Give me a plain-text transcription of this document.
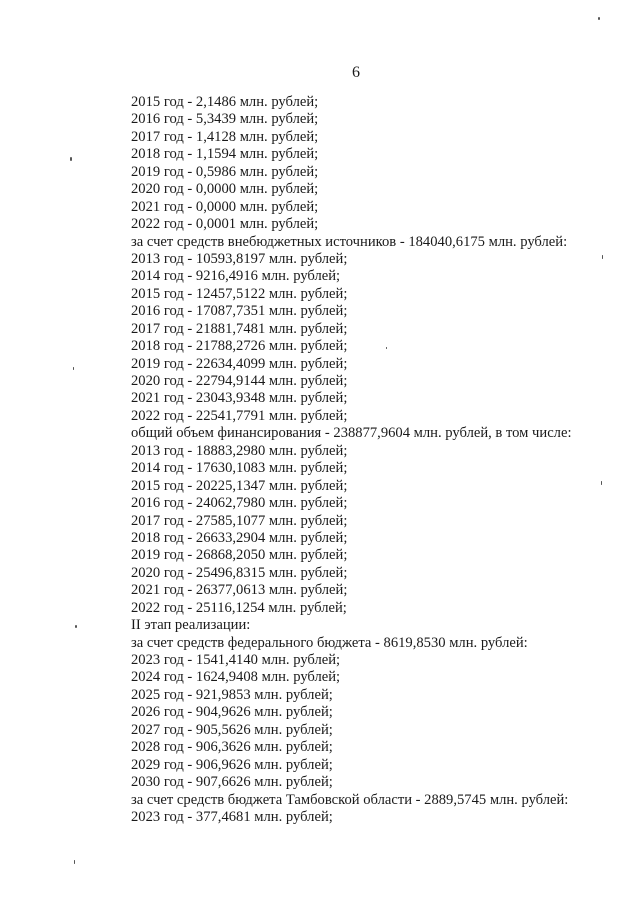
6
2015 год - 2,1486 млн. рублей;
2016 год - 5,3439 млн. рублей;
2017 год - 1,4128 млн. рублей;
2018 год - 1,1594 млн. рублей;
2019 год - 0,5986 млн. рублей;
2020 год - 0,0000 млн. рублей;
2021 год - 0,0000 млн. рублей;
2022 год - 0,0001 млн. рублей;
за счет средств внебюджетных источников - 184040,6175 млн. рублей:
2013 год - 10593,8197 млн. рублей;
2014 год - 9216,4916 млн. рублей;
2015 год - 12457,5122 млн. рублей;
2016 год - 17087,7351 млн. рублей;
2017 год - 21881,7481 млн. рублей;
2018 год - 21788,2726 млн. рублей;
2019 год - 22634,4099 млн. рублей;
2020 год - 22794,9144 млн. рублей;
2021 год - 23043,9348 млн. рублей;
2022 год - 22541,7791 млн. рублей;
общий объем финансирования - 238877,9604 млн. рублей, в том числе:
2013 год - 18883,2980 млн. рублей;
2014 год - 17630,1083 млн. рублей;
2015 год - 20225,1347 млн. рублей;
2016 год - 24062,7980 млн. рублей;
2017 год - 27585,1077 млн. рублей;
2018 год - 26633,2904 млн. рублей;
2019 год - 26868,2050 млн. рублей;
2020 год - 25496,8315 млн. рублей;
2021 год - 26377,0613 млн. рублей;
2022 год - 25116,1254 млн. рублей;
II этап реализации:
за счет средств федерального бюджета - 8619,8530 млн. рублей:
2023 год - 1541,4140 млн. рублей;
2024 год - 1624,9408 млн. рублей;
2025 год - 921,9853 млн. рублей;
2026 год - 904,9626 млн. рублей;
2027 год - 905,5626 млн. рублей;
2028 год - 906,3626 млн. рублей;
2029 год - 906,9626 млн. рублей;
2030 год - 907,6626 млн. рублей;
за счет средств бюджета Тамбовской области - 2889,5745 млн. рублей:
2023 год - 377,4681 млн. рублей;
